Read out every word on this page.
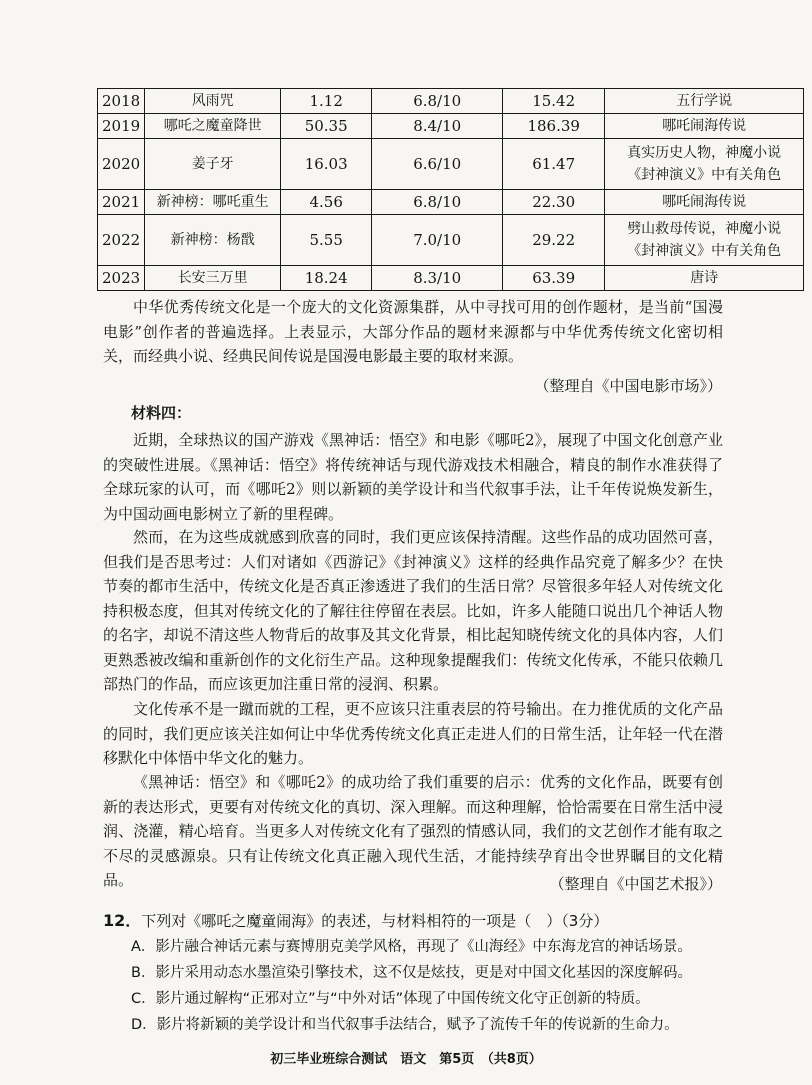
2018	风雨咒	1.12	6.8/10	15.42	五行学说

2019	哪吒之魔童降世	50.35	8.4/10	186.39	哪吒闹海传说

2020	姜子牙	16.03	6.6/10	61.47	真实历史人物，神魔小说
《封神演义》中有关角色

2021	新神榜：哪吒重生	4.56	6.8/10	22.30	哪吒闹海传说

2022	新神榜：杨戬	5.55	7.0/10	29.22	劈山救母传说，神魔小说
《封神演义》中有关角色

2023	长安三万里	18.24	8.3/10	63.39	唐诗

中华优秀传统文化是一个庞大的文化资源集群，从中寻找可用的创作题材，是当前“国漫电影”创作者的普遍选择。上表显示，大部分作品的题材来源都与中华优秀传统文化密切相关，而经典小说、经典民间传说是国漫电影最主要的取材来源。

（整理自《中国电影市场》）

材料四：

近期，全球热议的国产游戏《黑神话：悟空》和电影《哪吒2》，展现了中国文化创意产业的突破性进展。《黑神话：悟空》将传统神话与现代游戏技术相融合，精良的制作水准获得了全球玩家的认可，而《哪吒2》则以新颖的美学设计和当代叙事手法，让千年传说焕发新生，为中国动画电影树立了新的里程碑。

然而，在为这些成就感到欣喜的同时，我们更应该保持清醒。这些作品的成功固然可喜，但我们是否思考过：人们对诸如《西游记》《封神演义》这样的经典作品究竟了解多少？在快节奏的都市生活中，传统文化是否真正渗透进了我们的生活日常？尽管很多年轻人对传统文化持积极态度，但其对传统文化的了解往往停留在表层。比如，许多人能随口说出几个神话人物的名字，却说不清这些人物背后的故事及其文化背景，相比起知晓传统文化的具体内容，人们更熟悉被改编和重新创作的文化衍生产品。这种现象提醒我们：传统文化传承，不能只依赖几部热门的作品，而应该更加注重日常的浸润、积累。

文化传承不是一蹴而就的工程，更不应该只注重表层的符号输出。在力推优质的文化产品的同时，我们更应该关注如何让中华优秀传统文化真正走进人们的日常生活，让年轻一代在潜移默化中体悟中华文化的魅力。

《黑神话：悟空》和《哪吒2》的成功给了我们重要的启示：优秀的文化作品，既要有创新的表达形式，更要有对传统文化的真切、深入理解。而这种理解，恰恰需要在日常生活中浸润、浇灌，精心培育。当更多人对传统文化有了强烈的情感认同，我们的文艺创作才能有取之不尽的灵感源泉。只有让传统文化真正融入现代生活，才能持续孕育出令世界瞩目的文化精品。	（整理自《中国艺术报》）

12．下列对《哪吒之魔童闹海》的表述，与材料相符的一项是（　）（3分）

A．影片融合神话元素与赛博朋克美学风格，再现了《山海经》中东海龙宫的神话场景。

B．影片采用动态水墨渲染引擎技术，这不仅是炫技，更是对中国文化基因的深度解码。

C．影片通过解构“正邪对立”与“中外对话”体现了中国传统文化守正创新的特质。

D．影片将新颖的美学设计和当代叙事手法结合，赋予了流传千年的传说新的生命力。

初三毕业班综合测试　语文　第5页　（共8页）
